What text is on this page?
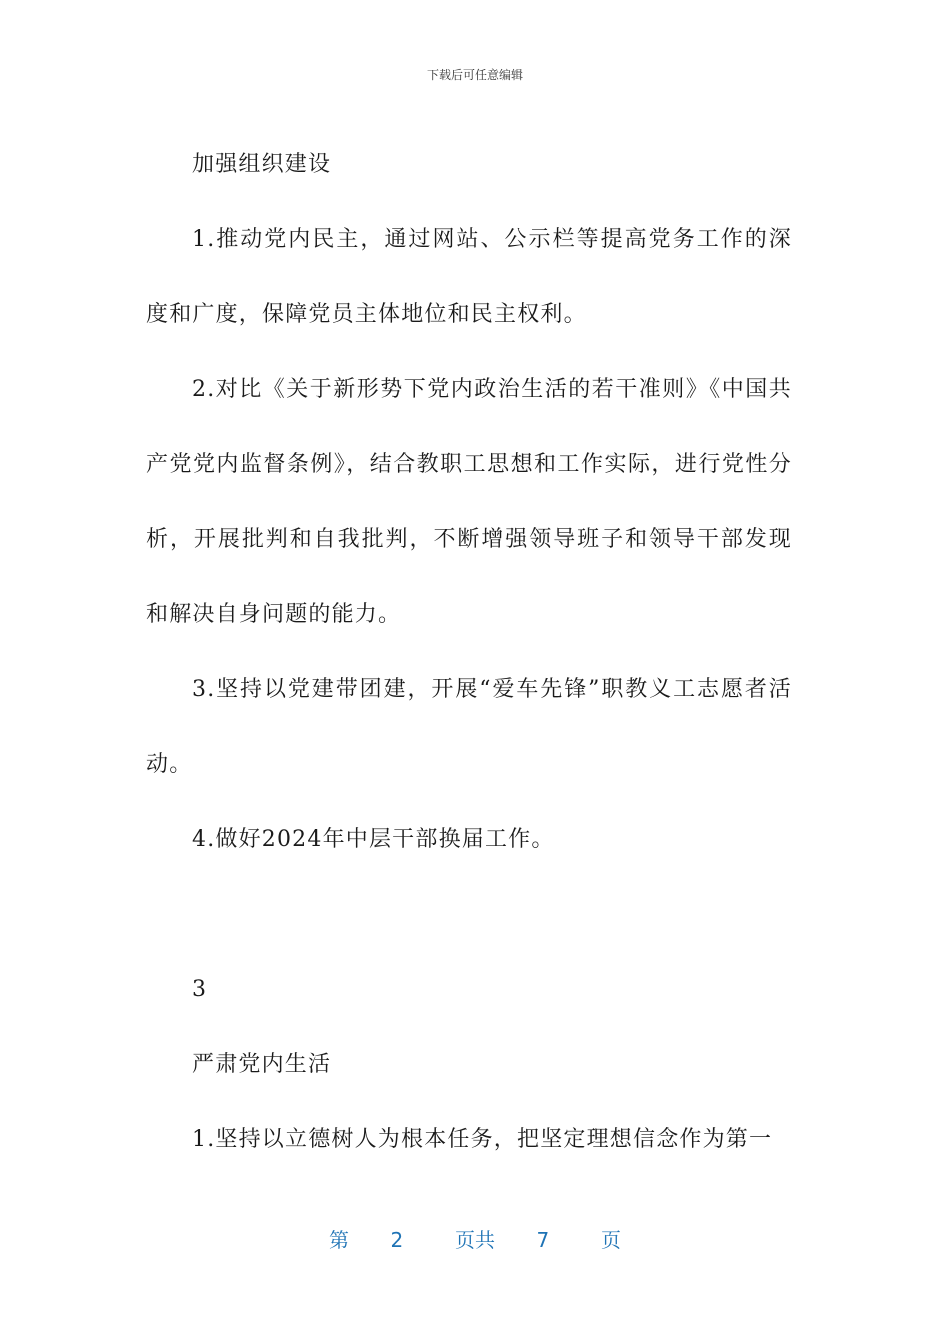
下载后可任意编辑

加强组织建设

1.推动党内民主，通过网站、公示栏等提高党务工作的深度和广度，保障党员主体地位和民主权利。

2.对比《关于新形势下党内政治生活的若干准则》《中国共产党党内监督条例》，结合教职工思想和工作实际，进行党性分析，开展批判和自我批判，不断增强领导班子和领导干部发现和解决自身问题的能力。

3.坚持以党建带团建，开展“爱车先锋”职教义工志愿者活动。

4.做好2024年中层干部换届工作。

3

严肃党内生活

1.坚持以立德树人为根本任务，把坚定理想信念作为第一

第 2	页共 7	页
